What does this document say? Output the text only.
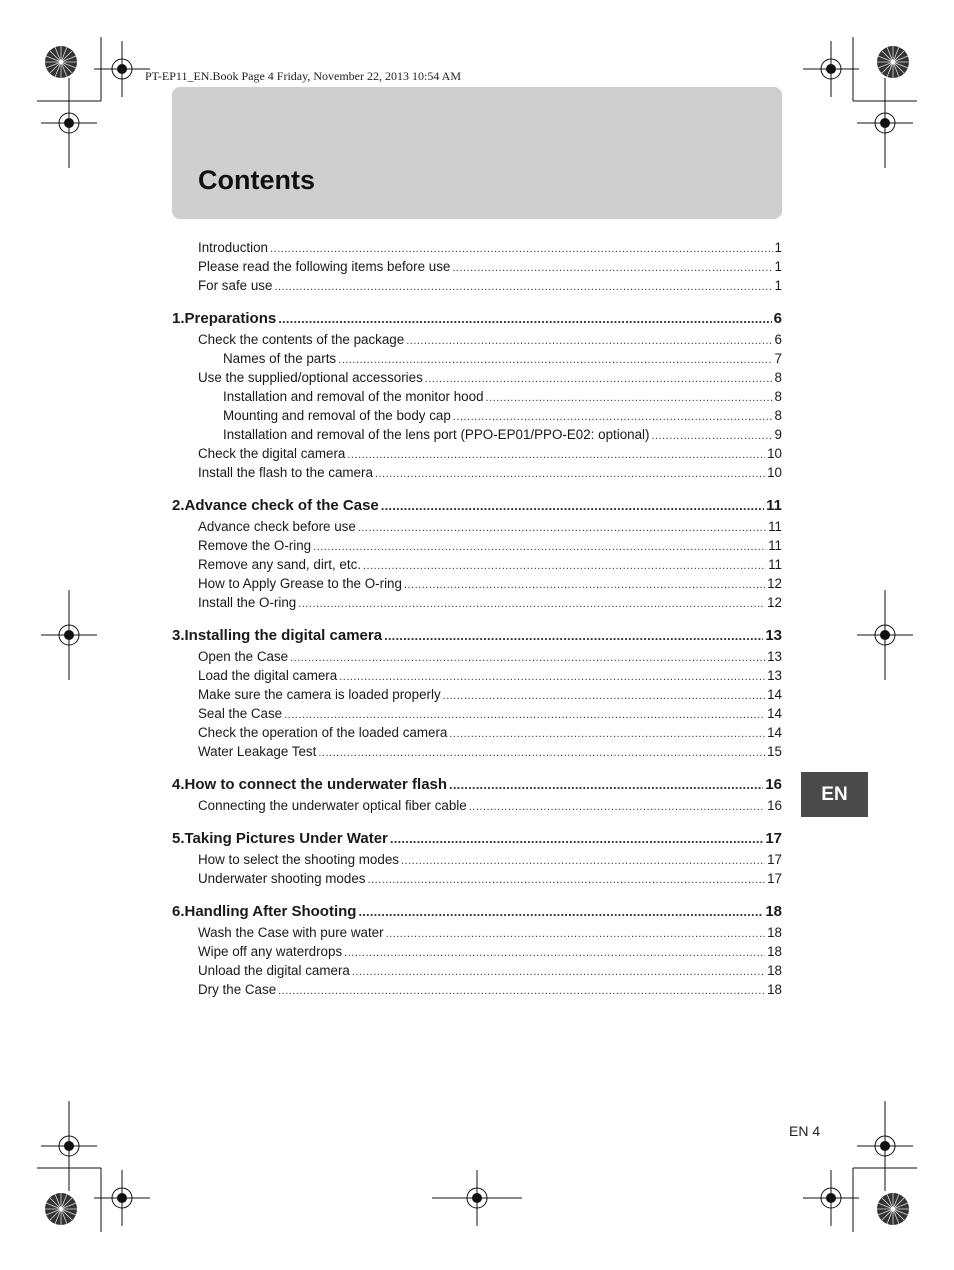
PT-EP11_EN.Book Page 4 Friday, November 22, 2013 10:54 AM
Contents
Introduction .....	1
Please read the following items before use .....	1
For safe use .....	1
1.Preparations .....	6
Check the contents of the package .....	6
Names of the parts .....	7
Use the supplied/optional accessories .....	8
Installation and removal of the monitor hood .....	8
Mounting and removal of the body cap .....	8
Installation and removal of the lens port (PPO-EP01/PPO-E02: optional) .....	9
Check the digital camera .....	10
Install the flash to the camera .....	10
2.Advance check of the Case .....	11
Advance check before use .....	11
Remove the O-ring .....	11
Remove any sand, dirt, etc. .....	11
How to Apply Grease to the O-ring .....	12
Install the O-ring .....	12
3.Installing the digital camera .....	13
Open the Case .....	13
Load the digital camera .....	13
Make sure the camera is loaded properly .....	14
Seal the Case .....	14
Check the operation of the loaded camera .....	14
Water Leakage Test .....	15
4.How to connect the underwater flash .....	16
Connecting the underwater optical fiber cable .....	16
5.Taking Pictures Under Water .....	17
How to select the shooting modes .....	17
Underwater shooting modes .....	17
6.Handling After Shooting .....	18
Wash the Case with pure water .....	18
Wipe off any waterdrops .....	18
Unload the digital camera .....	18
Dry the Case .....	18
EN
EN 4
